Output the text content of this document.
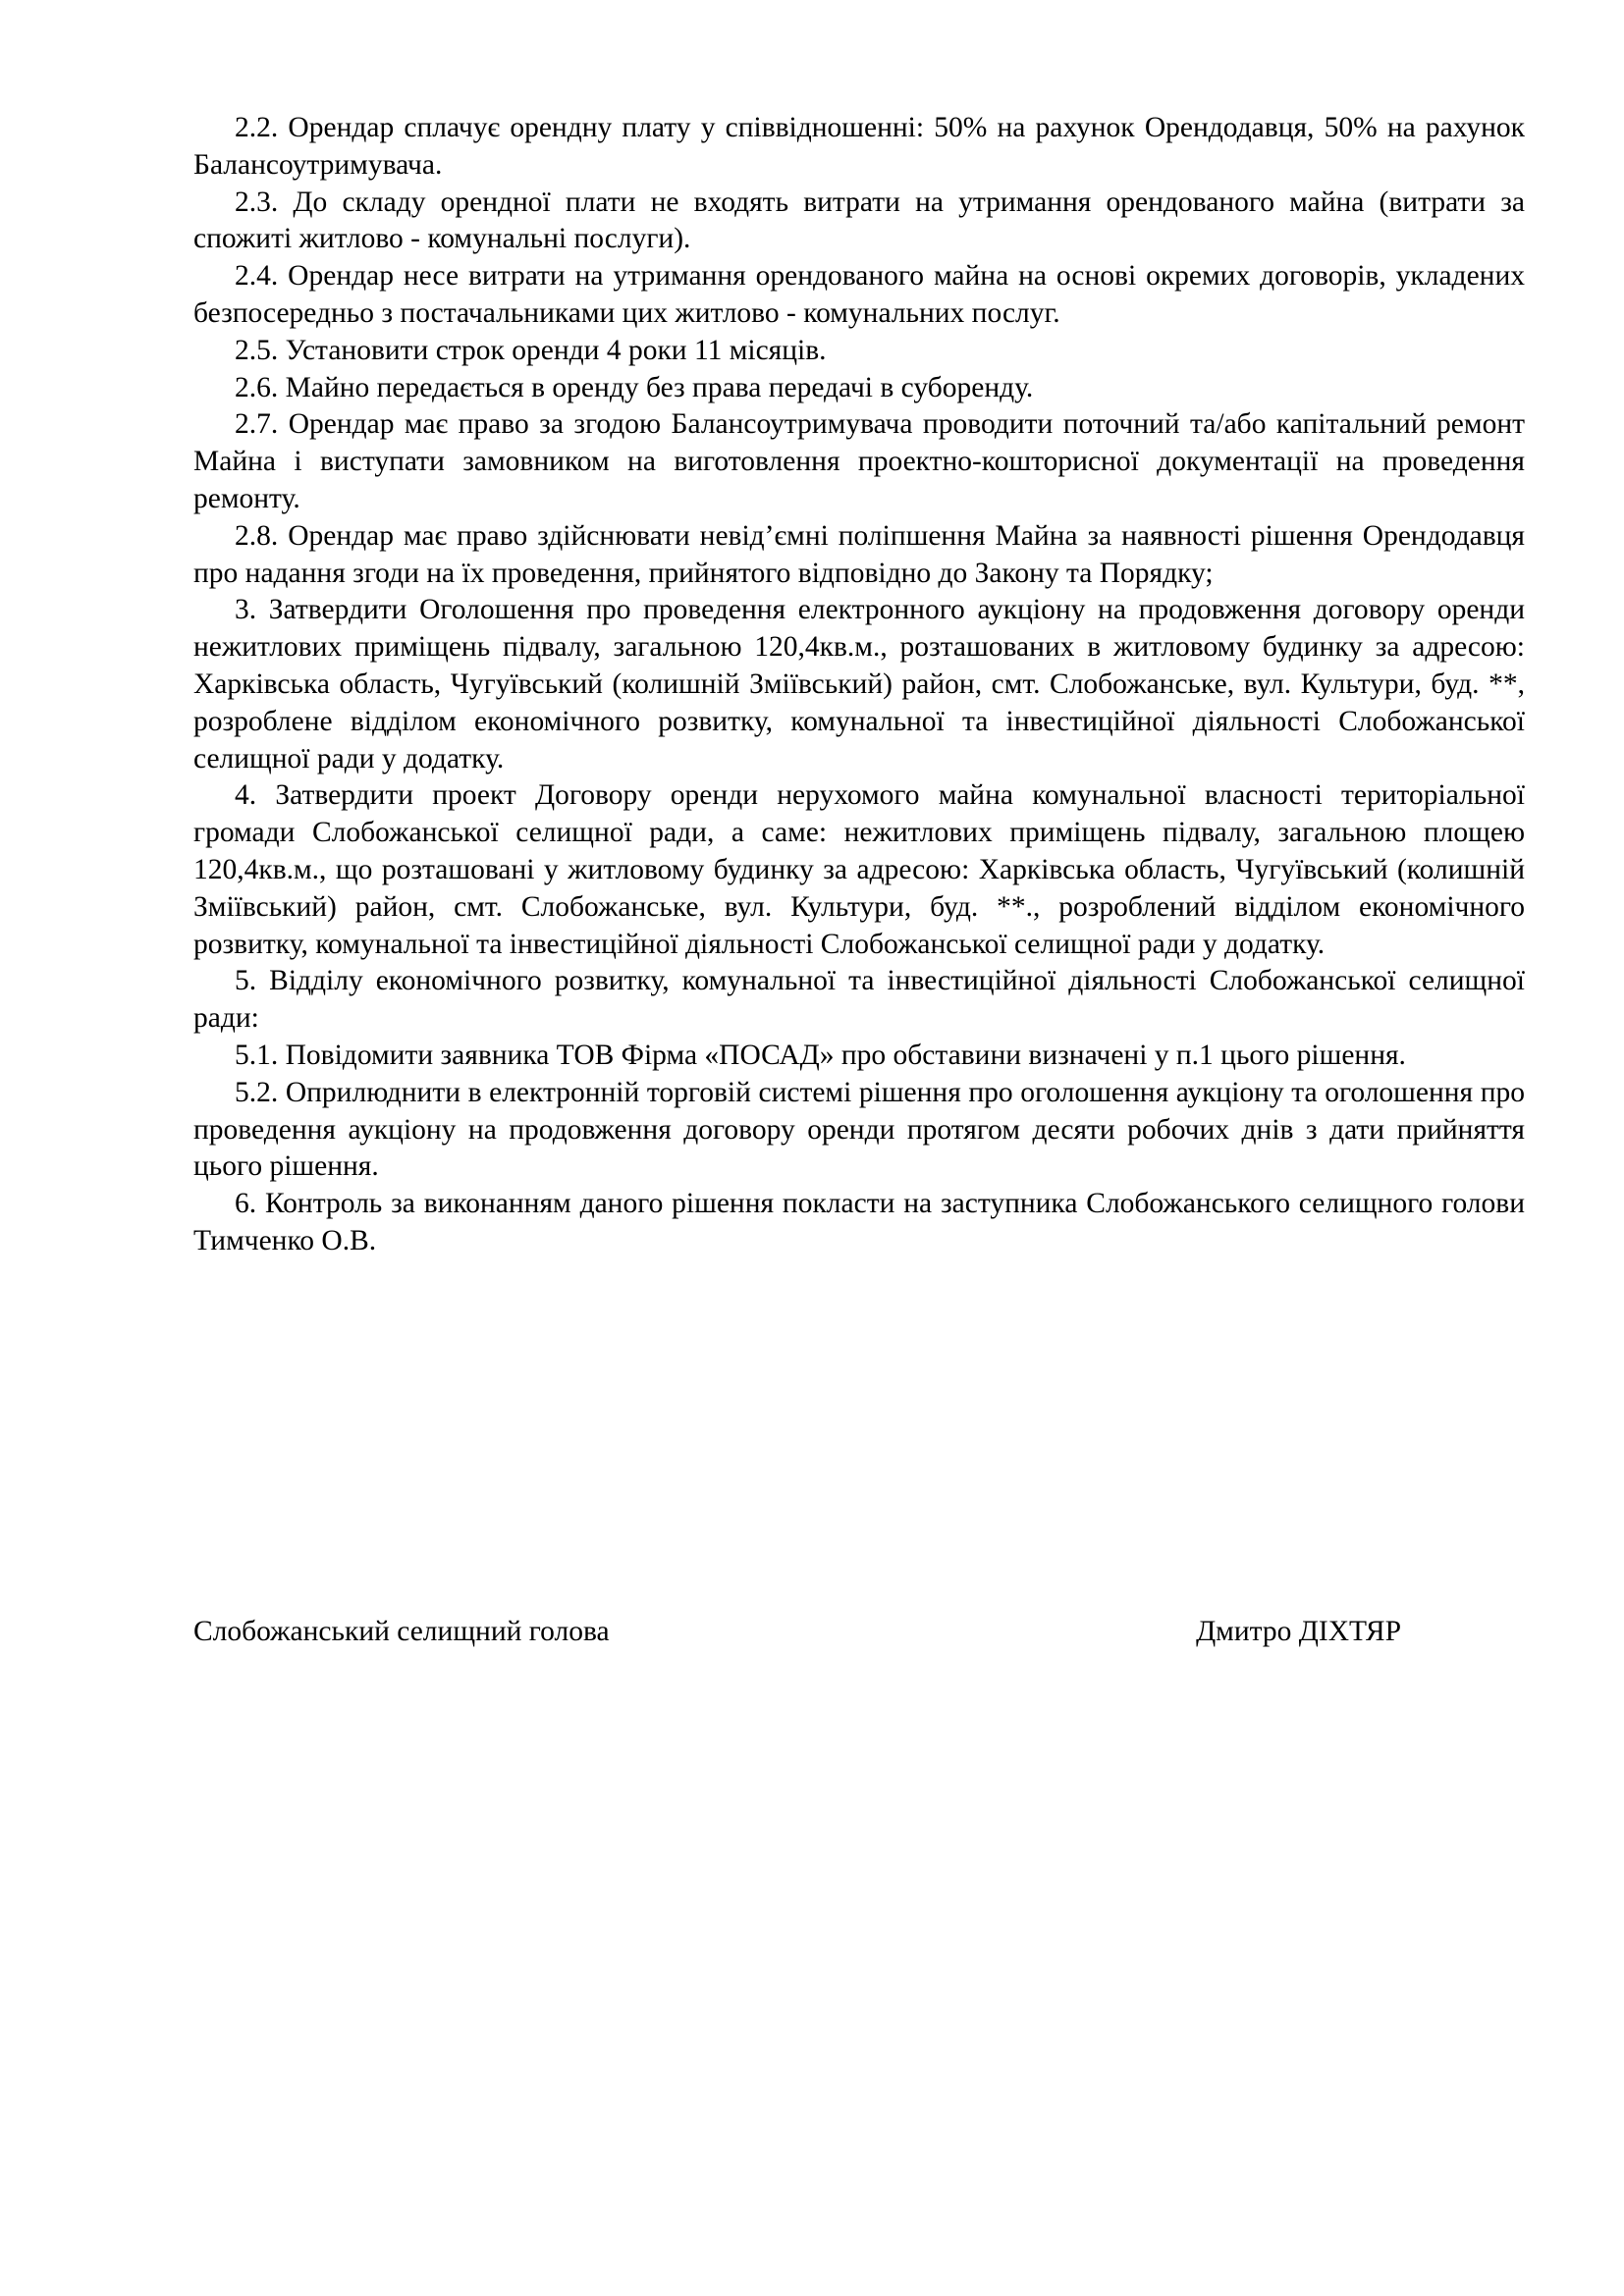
2.2. Орендар сплачує орендну плату у співвідношенні: 50% на рахунок Орендодавця, 50% на рахунок Балансоутримувача.

2.3. До складу орендної плати не входять витрати на утримання орендованого майна (витрати за спожиті житлово - комунальні послуги).

2.4. Орендар несе витрати на утримання орендованого майна на основі окремих договорів, укладених безпосередньо з постачальниками цих житлово - комунальних послуг.

2.5. Установити строк оренди 4 роки 11 місяців.

2.6. Майно передається в оренду без права передачі в суборенду.

2.7. Орендар має право за згодою Балансоутримувача проводити поточний та/або капітальний ремонт Майна і виступати замовником на виготовлення проектно-кошторисної документації на проведення ремонту.

2.8. Орендар має право здійснювати невід’ємні поліпшення Майна за наявності рішення Орендодавця про надання згоди на їх проведення, прийнятого відповідно до Закону та Порядку;

3. Затвердити Оголошення про проведення електронного аукціону на продовження договору оренди нежитлових приміщень підвалу, загальною 120,4кв.м., розташованих в житловому будинку за адресою: Харківська область, Чугуївський (колишній Зміївський) район, смт. Слобожанське, вул. Культури, буд. **, розроблене відділом економічного розвитку, комунальної та інвестиційної діяльності Слобожанської селищної ради у додатку.

4. Затвердити проект Договору оренди нерухомого майна комунальної власності територіальної громади Слобожанської селищної ради, а саме: нежитлових приміщень підвалу, загальною площею 120,4кв.м., що розташовані у житловому будинку за адресою: Харківська область, Чугуївський (колишній Зміївський) район, смт. Слобожанське, вул. Культури, буд. **., розроблений відділом економічного розвитку, комунальної та інвестиційної діяльності Слобожанської селищної ради у додатку.

5. Відділу економічного розвитку, комунальної та інвестиційної діяльності Слобожанської селищної ради:

5.1. Повідомити заявника ТОВ Фірма «ПОСАД» про обставини визначені у п.1 цього рішення.

5.2. Оприлюднити в електронній торговій системі рішення про оголошення аукціону та оголошення про проведення аукціону на продовження договору оренди протягом десяти робочих днів з дати прийняття цього рішення.

6. Контроль за виконанням даного рішення покласти на заступника Слобожанського селищного голови Тимченко О.В.

Слобожанський селищний голова	Дмитро ДІХТЯР
